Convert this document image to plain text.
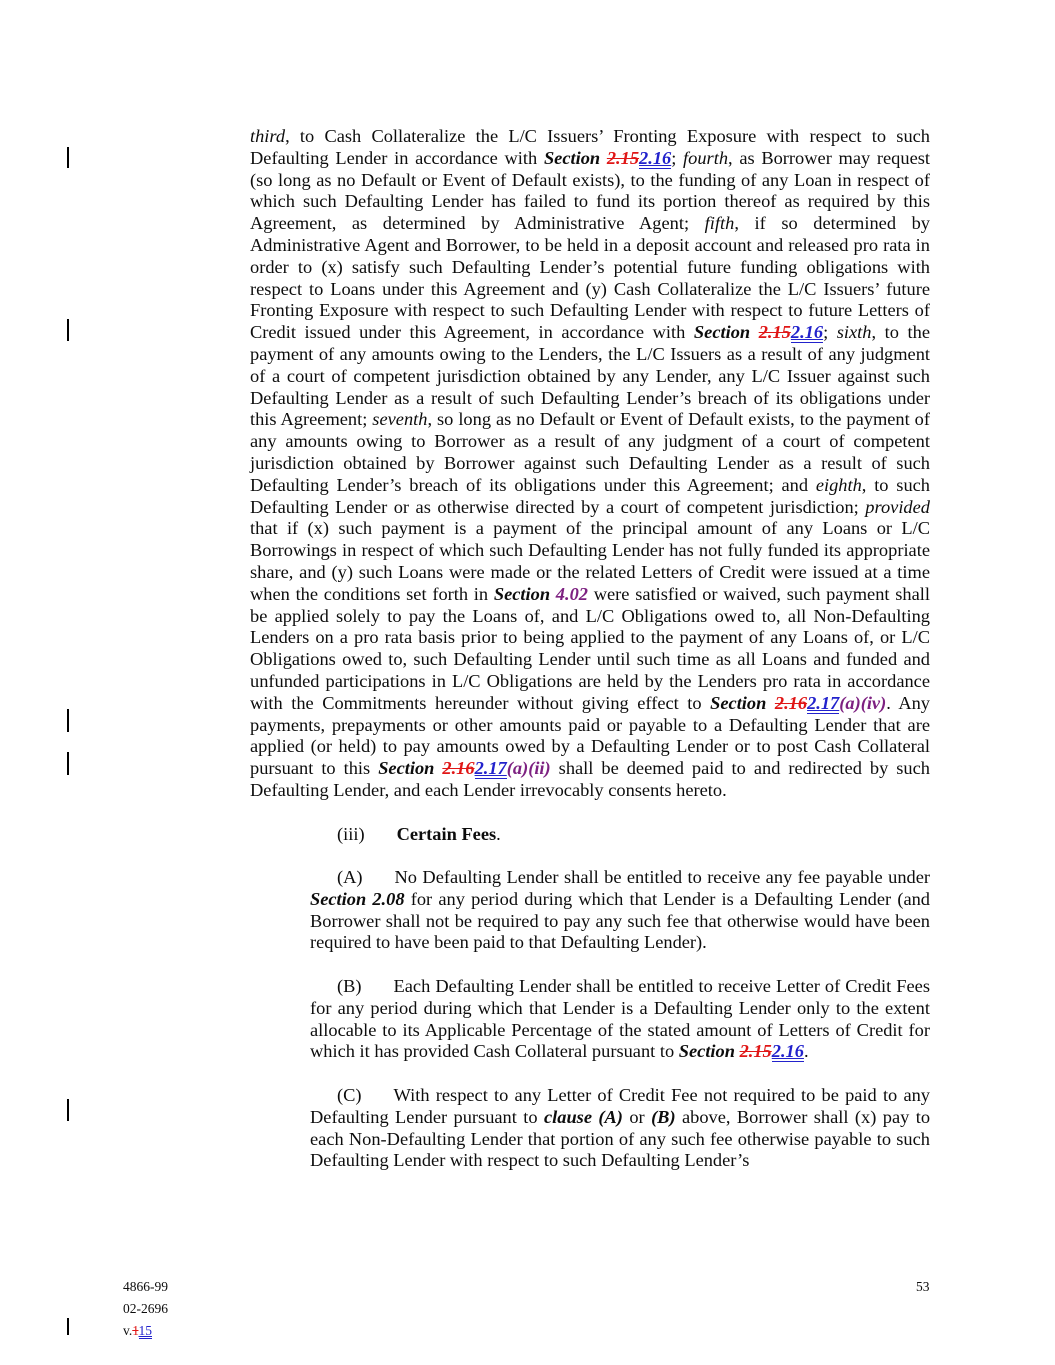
third, to Cash Collateralize the L/C Issuers’ Fronting Exposure with respect to such Defaulting Lender in accordance with Section 2.152.16; fourth, as Borrower may request (so long as no Default or Event of Default exists), to the funding of any Loan in respect of which such Defaulting Lender has failed to fund its portion thereof as required by this Agreement, as determined by Administrative Agent; fifth, if so determined by Administrative Agent and Borrower, to be held in a deposit account and released pro rata in order to (x) satisfy such Defaulting Lender’s potential future funding obligations with respect to Loans under this Agreement and (y) Cash Collateralize the L/C Issuers’ future Fronting Exposure with respect to such Defaulting Lender with respect to future Letters of Credit issued under this Agreement, in accordance with Section 2.152.16; sixth, to the payment of any amounts owing to the Lenders, the L/C Issuers as a result of any judgment of a court of competent jurisdiction obtained by any Lender, any L/C Issuer against such Defaulting Lender as a result of such Defaulting Lender’s breach of its obligations under this Agreement; seventh, so long as no Default or Event of Default exists, to the payment of any amounts owing to Borrower as a result of any judgment of a court of competent jurisdiction obtained by Borrower against such Defaulting Lender as a result of such Defaulting Lender’s breach of its obligations under this Agreement; and eighth, to such Defaulting Lender or as otherwise directed by a court of competent jurisdiction; provided that if (x) such payment is a payment of the principal amount of any Loans or L/C Borrowings in respect of which such Defaulting Lender has not fully funded its appropriate share, and (y) such Loans were made or the related Letters of Credit were issued at a time when the conditions set forth in Section 4.02 were satisfied or waived, such payment shall be applied solely to pay the Loans of, and L/C Obligations owed to, all Non-Defaulting Lenders on a pro rata basis prior to being applied to the payment of any Loans of, or L/C Obligations owed to, such Defaulting Lender until such time as all Loans and funded and unfunded participations in L/C Obligations are held by the Lenders pro rata in accordance with the Commitments hereunder without giving effect to Section 2.162.17(a)(iv). Any payments, prepayments or other amounts paid or payable to a Defaulting Lender that are applied (or held) to pay amounts owed by a Defaulting Lender or to post Cash Collateral pursuant to this Section 2.162.17(a)(ii) shall be deemed paid to and redirected by such Defaulting Lender, and each Lender irrevocably consents hereto.

(iii) Certain Fees.

(A) No Defaulting Lender shall be entitled to receive any fee payable under Section 2.08 for any period during which that Lender is a Defaulting Lender (and Borrower shall not be required to pay any such fee that otherwise would have been required to have been paid to that Defaulting Lender).

(B) Each Defaulting Lender shall be entitled to receive Letter of Credit Fees for any period during which that Lender is a Defaulting Lender only to the extent allocable to its Applicable Percentage of the stated amount of Letters of Credit for which it has provided Cash Collateral pursuant to Section 2.152.16.

(C) With respect to any Letter of Credit Fee not required to be paid to any Defaulting Lender pursuant to clause (A) or (B) above, Borrower shall (x) pay to each Non-Defaulting Lender that portion of any such fee otherwise payable to such Defaulting Lender with respect to such Defaulting Lender’s

4866-99
02-2696
v.115
53
